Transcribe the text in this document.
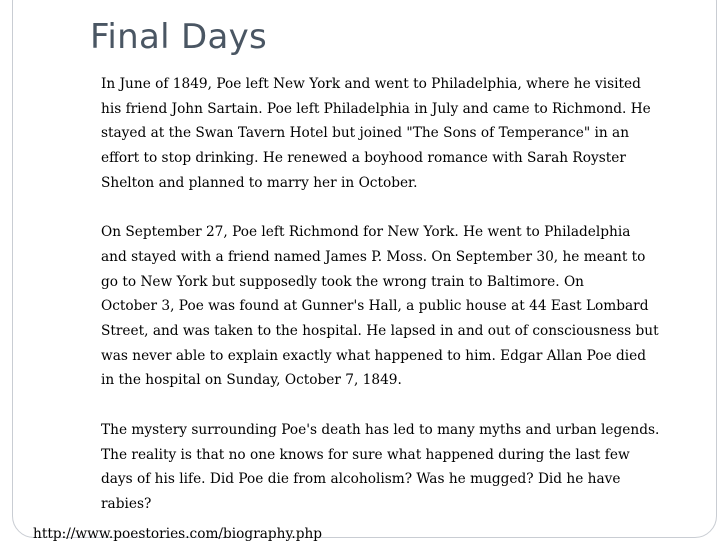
Final Days

In June of 1849, Poe left New York and went to Philadelphia, where he visited
his friend John Sartain. Poe left Philadelphia in July and came to Richmond. He
stayed at the Swan Tavern Hotel but joined "The Sons of Temperance" in an
effort to stop drinking. He renewed a boyhood romance with Sarah Royster
Shelton and planned to marry her in October.

On September 27, Poe left Richmond for New York. He went to Philadelphia
and stayed with a friend named James P. Moss. On September 30, he meant to
go to New York but supposedly took the wrong train to Baltimore. On
October 3, Poe was found at Gunner's Hall, a public house at 44 East Lombard
Street, and was taken to the hospital. He lapsed in and out of consciousness but
was never able to explain exactly what happened to him. Edgar Allan Poe died
in the hospital on Sunday, October 7, 1849.

The mystery surrounding Poe's death has led to many myths and urban legends.
The reality is that no one knows for sure what happened during the last few
days of his life. Did Poe die from alcoholism? Was he mugged? Did he have
rabies?

http://www.poestories.com/biography.php
